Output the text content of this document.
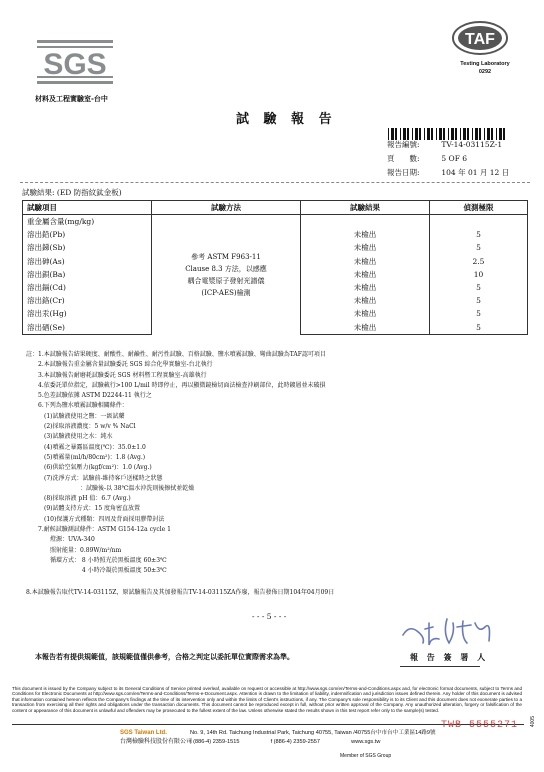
SGS
TAF
Testing Laboratory
0292
材料及工程實驗室-台中
試 驗 報 告
報告編號:	TV-14-03115Z-1
頁　　數:	5 OF 6
報告日期:	104 年 01 月 12 日
試驗結果: (ED 防指紋鈦金板)
試驗項目	試驗方法	試驗結果	偵測極限
重金屬含量(mg/kg)	參考 ASTM F963-11
Clause 8.3 方法，以感應
耦合電漿原子發射光譜儀
(ICP-AES)檢測		

溶出鉛(Pb)		未檢出	5
溶出銻(Sb)		未檢出	5
溶出砷(As)		未檢出	2.5
溶出鋇(Ba)		未檢出	10
溶出鎘(Cd)		未檢出	5
溶出鉻(Cr)		未檢出	5
溶出汞(Hg)		未檢出	5
溶出硒(Se)		未檢出	5
註：1.本試驗報告結果硬度、耐酸性、耐鹼性、耐污性試驗、百格試驗、鹽水噴霧試驗、彎曲試驗為TAF認可項目
　　2.本試驗報告重金屬含量試驗委託 SGS 綜合化學實驗室-台北執行
　　3.本試驗報告耐磨耗試驗委託 SGS 材料暨工程實驗室-高雄執行
　　4.依委託單位指定，試驗載行>100 L/mil 時即停止，再以顯微鏡檢切面法檢查沖刷部位，此時鍍層並未破損
　　5.色差試驗依據 ASTM D2244-11 執行之
　　6.下列為鹽水噴霧試驗相關條件：
　　　(1)試驗液使用之鹽：一級試藥
　　　(2)採取溶液濃度：5 w/v % NaCl
　　　(3)試驗液使用之水：純水
　　　(4)噴霧之暴露區溫度(℃)：35.0±1.0
　　　(5)噴霧量(ml/h/80cm²)：1.8 (Avg.)
　　　(6)供給空氣壓力(kgf/cm²)：1.0 (Avg.)
　　　(7)洗淨方式：試驗前-維持客戶送樣時之狀態
　　　　　　　　　：試驗後-以 38℃溫水沖洗則後擦拭並乾燥
　　　(8)採取溶液 pH 值：6.7 (Avg.)
　　　(9)試體支持方式：15 度角密直放置
　　　(10)保護方式種類：四周及背面採用膠帶封法
　　7.耐候試驗測試條件：ASTM G154-12a cycle 1
　　　　燈源：UVA-340
　　　　照射能量：0.89W/m²/nm
　　　　循環方式： 8 小時照光於黑板溫度 60±3℃
　　　　　　　　　 4 小時冷凝於黑板溫度 50±3℃
8.本試驗報告取代TV-14-03115Z，原試驗報告及其加發報告TV-14-03115ZA作廢，報告發佈日期104年04月09日
- - - 5 - - -
本報告若有提供規範值，該規範值僅供參考，合格之判定以委託單位實際需求為準。	報 告 簽 署 人
This document is issued by the Company subject to its General Conditions of Service printed overleaf, available on request or accessible at http://www.sgs.com/en/Terms-and-Conditions.aspx and, for electronic format documents, subject to Terms and Conditions for Electronic Documents at http://www.sgs.com/en/Terms-and-Conditions/Terms-e-Document.aspx. Attention is drawn to the limitation of liability, indemnification and jurisdiction issues defined therein. Any holder of this document is advised that information contained hereon reflects the Company's findings at the time of its intervention only and within the limits of Client's instructions, if any. The Company's sole responsibility is to its Client and this document does not exonerate parties to a transaction from exercising all their rights and obligations under the transaction documents. This document cannot be reproduced except in full, without prior written approval of the Company. Any unauthorized alteration, forgery or falsification of the content or appearance of this document is unlawful and offenders may be prosecuted to the fullest extent of the law. Unless otherwise stated the results shown in this test report refer only to the sample(s) tested.
SGS Taiwan Ltd.
台灣檢驗科技股份有限公司
No. 9, 14th Rd. Taichung Industrial Park, Taichung 40755, Taiwan /40755台中市台中工業區14路9號
t (886-4) 2359-1515	f (886-4) 2359-2557	www.sgs.tw
TWB 5555271
Member of SGS Group
4005
